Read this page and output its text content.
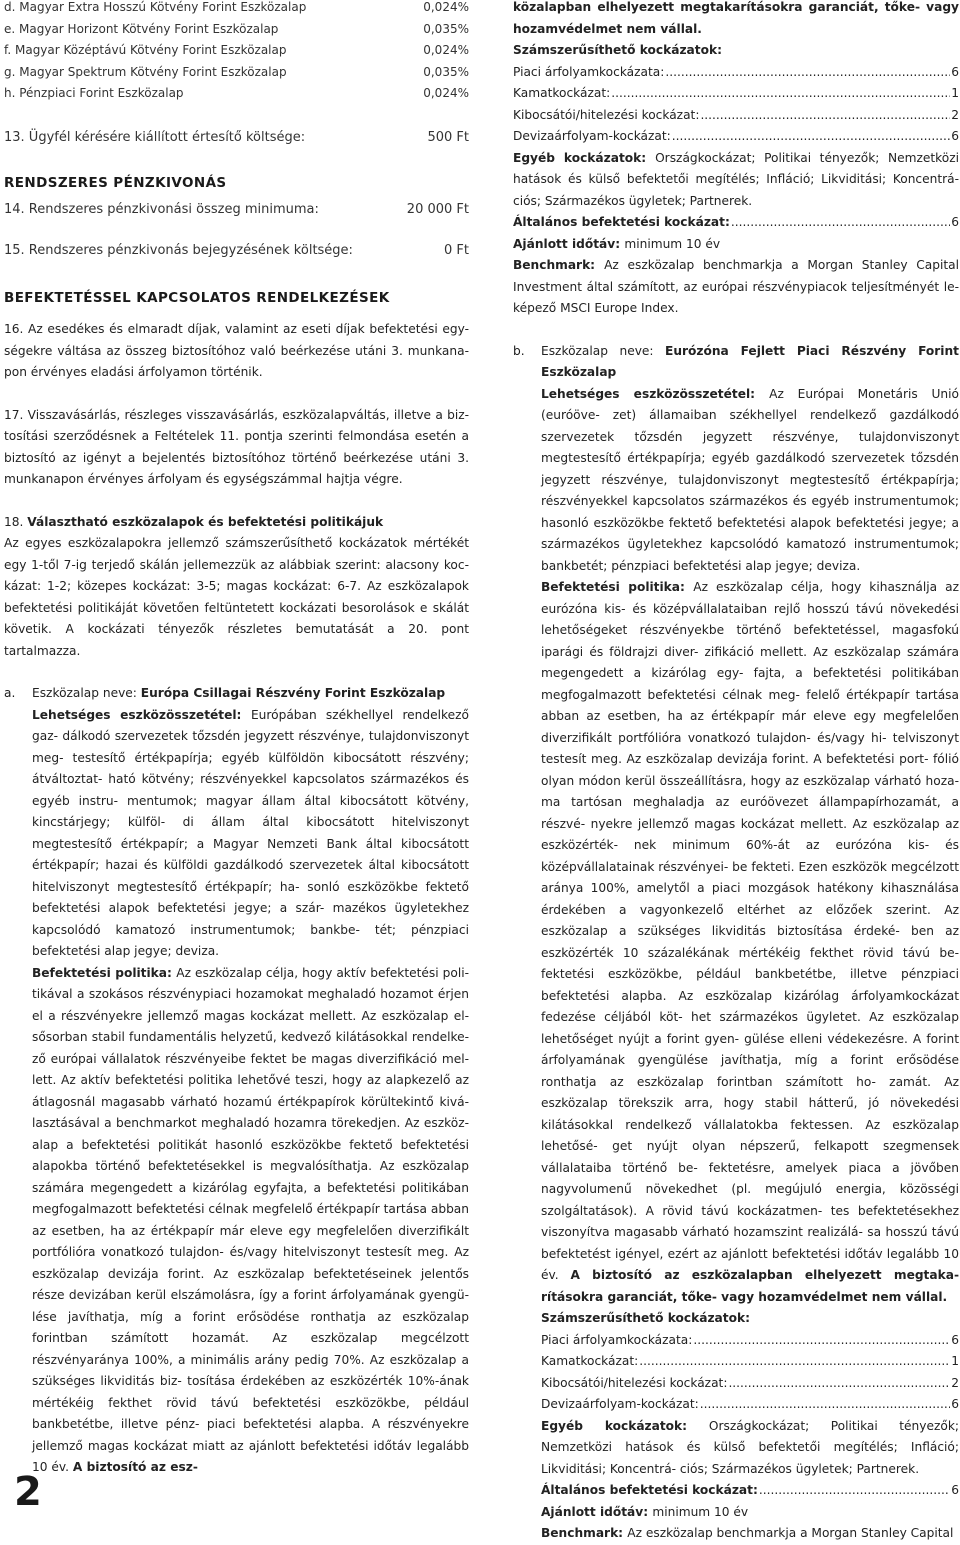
d. Magyar Extra Hosszú Kötvény Forint Eszközalap	0,024%
e. Magyar Horizont Kötvény Forint Eszközalap	0,035%
f. Magyar Középtávú Kötvény Forint Eszközalap	0,024%
g. Magyar Spektrum Kötvény Forint Eszközalap	0,035%
h. Pénzpiaci Forint Eszközalap	0,024%
13. Ügyfél kérésére kiállított értesítő költsége:	500 Ft
RENDSZERES PÉNZKIVONÁS
14. Rendszeres pénzkivonási összeg minimuma:	20 000 Ft
15. Rendszeres pénzkivonás bejegyzésének költsége:	0 Ft
BEFEKTETÉSSEL KAPCSOLATOS RENDELKEZÉSEK
16. Az esedékes és elmaradt díjak, valamint az eseti díjak befektetési egy- ségekre váltása az összeg biztosítóhoz való beérkezése utáni 3. munkana- pon érvényes eladási árfolyamon történik.
17. Visszavásárlás, részleges visszavásárlás, eszközalapváltás, illetve a biz- tosítási szerződésnek a Feltételek 11. pontja szerinti felmondása esetén a biztosító az igényt a bejelentés biztosítóhoz történő beérkezése utáni 3. munkanapon érvényes árfolyam és egységszámmal hajtja végre.
18. Választható eszközalapok és befektetési politikájuk
Az egyes eszközalapokra jellemző számszerűsíthető kockázatok mértékét egy 1-től 7-ig terjedő skálán jellemezzük az alábbiak szerint: alacsony koc- kázat: 1-2; közepes kockázat: 3-5; magas kockázat: 6-7. Az eszközalapok befektetési politikáját követően feltüntetett kockázati besorolások e skálát követik. A kockázati tényezők részletes bemutatását a 20. pont tartalmazza.
a. Eszközalap neve: Európa Csillagai Részvény Forint Eszközalap
Lehetséges eszközösszetétel: Európában székhellyel rendelkező gaz- dálkodó szervezetek tőzsdén jegyzett részvénye, tulajdonviszonyt meg- testesítő értékpapírja; egyéb külföldön kibocsátott részvény; átváltoztat- ható kötvény; részvényekkel kapcsolatos származékos és egyéb instru- mentumok; magyar állam által kibocsátott kötvény, kincstárjegy; külföl- di állam által kibocsátott hitelviszonyt megtestesítő értékpapír; a Magyar Nemzeti Bank által kibocsátott értékpapír; hazai és külföldi gazdálkodó szervezetek által kibocsátott hitelviszonyt megtestesítő értékpapír; ha- sonló eszközökbe fektető befektetési alapok befektetési jegye; a szár- mazékos ügyletekhez kapcsolódó kamatozó instrumentumok; bankbe- tét; pénzpiaci befektetési alap jegye; deviza.
Befektetési politika: Az eszközalap célja, hogy aktív befektetési poli- tikával a szokásos részvénypiaci hozamokat meghaladó hozamot érjen el a részvényekre jellemző magas kockázat mellett. Az eszközalap el- sősorban stabil fundamentális helyzetű, kedvező kilátásokkal rendelke- ző európai vállalatok részvényeibe fektet be magas diverzifikáció mel- lett. Az aktív befektetési politika lehetővé teszi, hogy az alapkezelő az átlagosnál magasabb várható hozamú értékpapírok körültekintő kivá- lasztásával a benchmarkot meghaladó hozamra törekedjen. Az eszköz- alap a befektetési politikát hasonló eszközökbe fektető befektetési alapokba történő befektetésekkel is megvalósíthatja. Az eszközalap számára megengedett a kizárólag egyfajta, a befektetési politikában megfogalmazott befektetési célnak megfelelő értékpapír tartása abban az esetben, ha az értékpapír már eleve egy megfelelően diverzifikált portfólióra vonatkozó tulajdon- és/vagy hitelviszonyt testesít meg. Az eszközalap devizája forint. Az eszközalap befektetéseinek jelentős része devizában kerül elszámolásra, így a forint árfolyamának gyengü- lése javíthatja, míg a forint erősödése ronthatja az eszközalap forintban számított hozamát. Az eszközalap megcélzott részvényaránya 100%, a minimális arány pedig 70%. Az eszközalap a szükséges likviditás biz- tosítása érdekében az eszközérték 10%-ának mértékéig fekthet rövid távú befektetési eszközökbe, például bankbetétbe, illetve pénz- piaci befektetési alapba. A részvényekre jellemző magas kockázat miatt az ajánlott befektetési időtáv legalább 10 év. A biztosító az esz-
2
közalapban elhelyezett megtakarításokra garanciát, tőke- vagy hozamvédelmet nem vállal.
Számszerűsíthető kockázatok:
Piaci árfolyamkockázata: .....	6
Kamatkockázat: .....	1
Kibocsátói/hitelezési kockázat: .....	2
Devizaárfolyam-kockázat: .....	6
Egyéb kockázatok: Országkockázat; Politikai tényezők; Nemzetközi hatások és külső befektetői megítélés; Infláció; Likviditási; Koncentrá- ciós; Származékos ügyletek; Partnerek.
Általános befektetési kockázat: .....	6
Ajánlott időtáv: minimum 10 év
Benchmark: Az eszközalap benchmarkja a Morgan Stanley Capital Investment által számított, az európai részvénypiacok teljesítményét le- képező MSCI Europe Index.
b. Eszközalap neve: Eurózóna Fejlett Piaci Részvény Forint Eszközalap
Lehetséges eszközösszetétel: Az Európai Monetáris Unió (euróöve- zet) államaiban székhellyel rendelkező gazdálkodó szervezetek tőzsdén jegyzett részvénye, tulajdonviszonyt megtestesítő értékpapírja; egyéb gazdálkodó szervezetek tőzsdén jegyzett részvénye, tulajdonviszonyt megtestesítő értékpapírja; részvényekkel kapcsolatos származékos és egyéb instrumentumok; hasonló eszközökbe fektető befektetési alapok befektetési jegye; a származékos ügyletekhez kapcsolódó kamatozó instrumentumok; bankbetét; pénzpiaci befektetési alap jegye; deviza.
Befektetési politika: Az eszközalap célja, hogy kihasználja az eurózóna kis- és középvállalataiban rejlő hosszú távú növekedési lehetőségeket részvényekbe történő befektetéssel, magasfokú iparági és földrajzi diver- zifikáció mellett. Az eszközalap számára megengedett a kizárólag egy- fajta, a befektetési politikában megfogalmazott befektetési célnak meg- felelő értékpapír tartása abban az esetben, ha az értékpapír már eleve egy megfelelően diverzifikált portfólióra vonatkozó tulajdon- és/vagy hi- telviszonyt testesít meg. Az eszközalap devizája forint. A befektetési port- fólió olyan módon kerül összeállításra, hogy az eszközalap várható hoza- ma tartósan meghaladja az euróövezet állampapírhozamát, a részvé- nyekre jellemző magas kockázat mellett. Az eszközalap az eszközérték- nek minimum 60%-át az eurózóna kis- és középvállalatainak részvényei- be fekteti. Ezen eszközök megcélzott aránya 100%, amelytől a piaci mozgások hatékony kihasználása érdekében a vagyonkezelő eltérhet az előzőek szerint. Az eszközalap a szükséges likviditás biztosítása érdeké- ben az eszközérték 10 százalékának mértékéig fekthet rövid távú be- fektetési eszközökbe, például bankbetétbe, illetve pénzpiaci befektetési alapba. Az eszközalap kizárólag árfolyamkockázat fedezése céljából köt- het származékos ügyletet. Az eszközalap lehetőséget nyújt a forint gyen- gülése elleni védekezésre. A forint árfolyamának gyengülése javíthatja, míg a forint erősödése ronthatja az eszközalap forintban számított ho- zamát. Az eszközalap törekszik arra, hogy stabil hátterű, jó növekedési kilátásokkal rendelkező vállalatokba fektessen. Az eszközalap lehetősé- get nyújt olyan népszerű, felkapott szegmensek vállalataiba történő be- fektetésre, amelyek piaca a jövőben nagyvolumenű növekedhet (pl. megújuló energia, közösségi szolgáltatások). A rövid távú kockázatmen- tes befektetésekhez viszonyítva magasabb várható hozamszint realizálá- sa hosszú távú befektetést igényel, ezért az ajánlott befektetési időtáv legalább 10 év. A biztosító az eszközalapban elhelyezett megtaka- rításokra garanciát, tőke- vagy hozamvédelmet nem vállal.
Számszerűsíthető kockázatok:
Piaci árfolyamkockázata: .....	6
Kamatkockázat: .....	1
Kibocsátói/hitelezési kockázat: .....	2
Devizaárfolyam-kockázat: .....	6
Egyéb kockázatok: Országkockázat; Politikai tényezők; Nemzetközi hatások és külső befektetői megítélés; Infláció; Likviditási; Koncentrá- ciós; Származékos ügyletek; Partnerek.
Általános befektetési kockázat: .....	6
Ajánlott időtáv: minimum 10 év
Benchmark: Az eszközalap benchmarkja a Morgan Stanley Capital
